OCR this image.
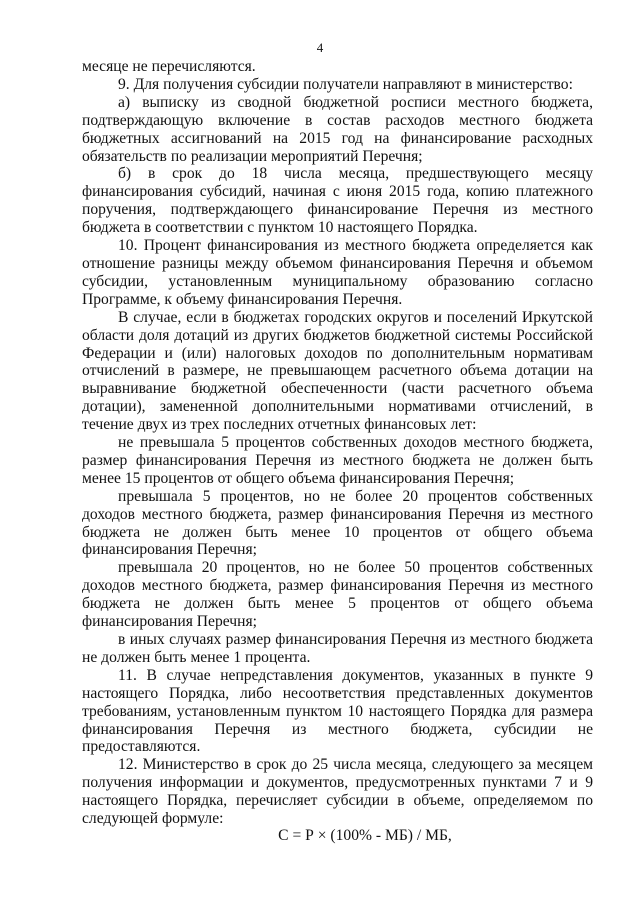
4

месяце не перечисляются.

9. Для получения субсидии получатели направляют в министерство:

а) выписку из сводной бюджетной росписи местного бюджета, подтверждающую включение в состав расходов местного бюджета бюджетных ассигнований на 2015 год на финансирование расходных обязательств по реализации мероприятий Перечня;

б) в срок до 18 числа месяца, предшествующего месяцу финансирования субсидий, начиная с июня 2015 года, копию платежного поручения, подтверждающего финансирование Перечня из местного бюджета в соответствии с пунктом 10 настоящего Порядка.

10. Процент финансирования из местного бюджета определяется как отношение разницы между объемом финансирования Перечня и объемом субсидии, установленным муниципальному образованию согласно Программе, к объему финансирования Перечня.

В случае, если в бюджетах городских округов и поселений Иркутской области доля дотаций из других бюджетов бюджетной системы Российской Федерации и (или) налоговых доходов по дополнительным нормативам отчислений в размере, не превышающем расчетного объема дотации на выравнивание бюджетной обеспеченности (части расчетного объема дотации), замененной дополнительными нормативами отчислений, в течение двух из трех последних отчетных финансовых лет:

не превышала 5 процентов собственных доходов местного бюджета, размер финансирования Перечня из местного бюджета не должен быть менее 15 процентов от общего объема финансирования Перечня;

превышала 5 процентов, но не более 20 процентов собственных доходов местного бюджета, размер финансирования Перечня из местного бюджета не должен быть менее 10 процентов от общего объема финансирования Перечня;

превышала 20 процентов, но не более 50 процентов собственных доходов местного бюджета, размер финансирования Перечня из местного бюджета не должен быть менее 5 процентов от общего объема финансирования Перечня;

в иных случаях размер финансирования Перечня из местного бюджета не должен быть менее 1 процента.

11. В случае непредставления документов, указанных в пункте 9 настоящего Порядка, либо несоответствия представленных документов требованиям, установленным пунктом 10 настоящего Порядка для размера финансирования Перечня из местного бюджета, субсидии не предоставляются.

12. Министерство в срок до 25 числа месяца, следующего за месяцем получения информации и документов, предусмотренных пунктами 7 и 9 настоящего Порядка, перечисляет субсидии в объеме, определяемом по следующей формуле:

С = Р × (100% - МБ) / МБ,
